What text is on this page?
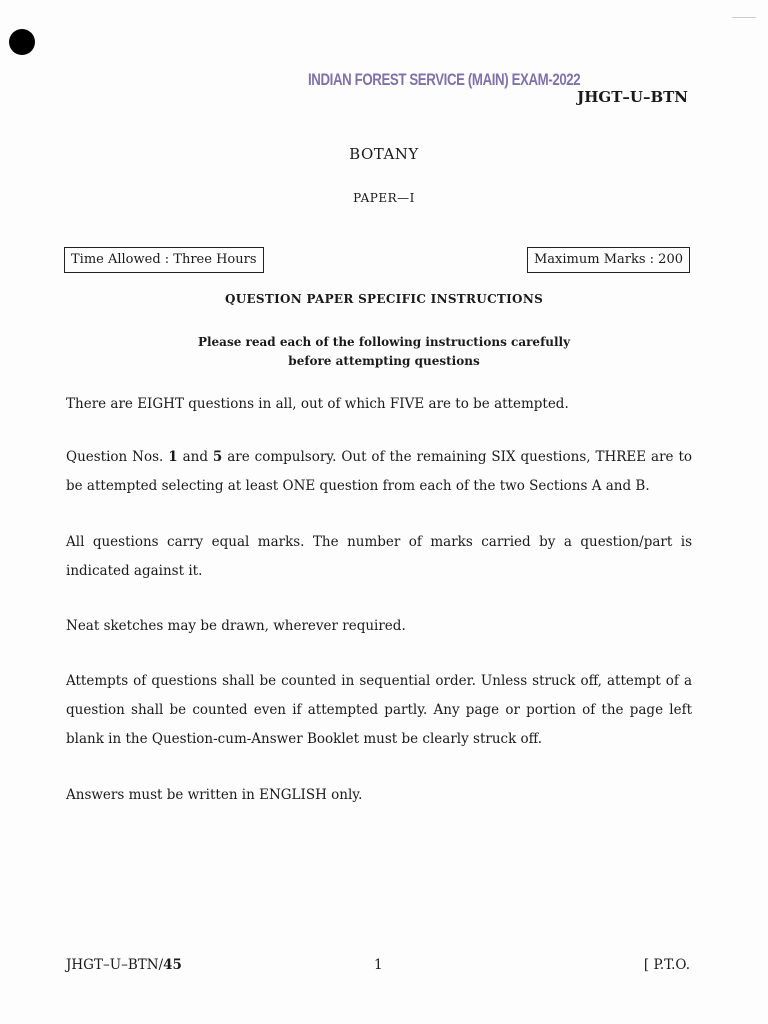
INDIAN FOREST SERVICE (MAIN) EXAM-2022
JHGT–U–BTN
BOTANY
PAPER—I
Time Allowed : Three Hours	Maximum Marks : 200
QUESTION PAPER SPECIFIC INSTRUCTIONS
Please read each of the following instructions carefully
before attempting questions
There are EIGHT questions in all, out of which FIVE are to be attempted.
Question Nos. 1 and 5 are compulsory. Out of the remaining SIX questions, THREE are to be attempted selecting at least ONE question from each of the two Sections A and B.
All questions carry equal marks. The number of marks carried by a question/part is indicated against it.
Neat sketches may be drawn, wherever required.
Attempts of questions shall be counted in sequential order. Unless struck off, attempt of a question shall be counted even if attempted partly. Any page or portion of the page left blank in the Question-cum-Answer Booklet must be clearly struck off.
Answers must be written in ENGLISH only.
JHGT–U–BTN/45	1	[ P.T.O.
